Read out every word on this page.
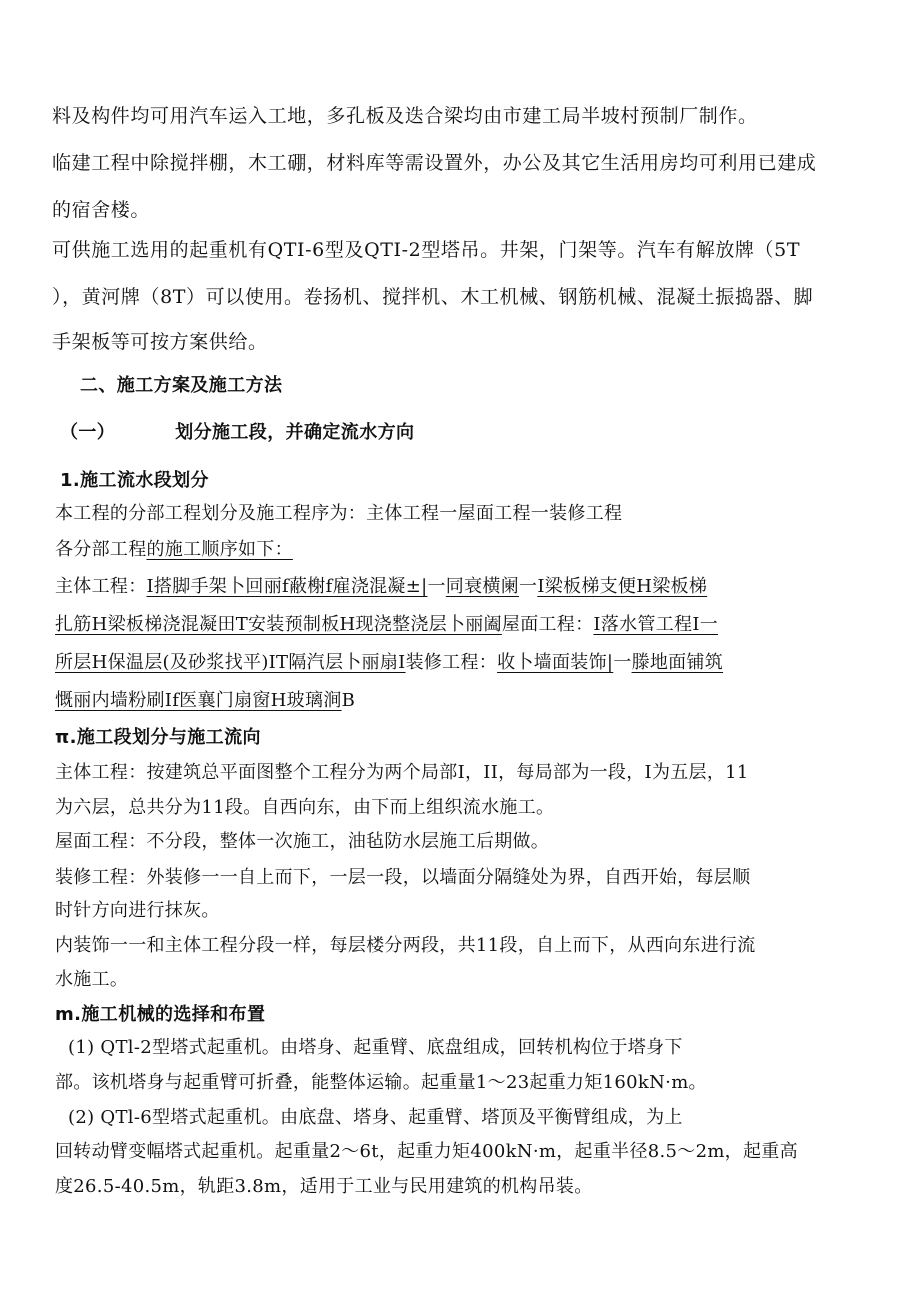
料及构件均可用汽车运入工地，多孔板及迭合梁均由市建工局半坡村预制厂制作。
临建工程中除搅拌棚，木工硼，材料库等需设置外，办公及其它生活用房均可利用已建成
的宿舍楼。
可供施工选用的起重机有QTI-6型及QTI-2型塔吊。井架，门架等。汽车有解放牌（5T
），黄河牌（8T）可以使用。卷扬机、搅拌机、木工机械、钢筋机械、混凝土振捣器、脚
手架板等可按方案供给。
二、施工方案及施工方法
（一）	划分施工段，并确定流水方向
1.施工流水段划分
本工程的分部工程划分及施工程序为：主体工程一屋面工程一装修工程
各分部工程的施工顺序如下：
主体工程：I搭脚手架卜回丽f蔽榭f雇浇混凝±|一同衰横阑一I梁板梯支便H梁板梯
扎筋H梁板梯浇混凝田T安装预制板H现浇整浇层卜丽阖屋面工程：I落水管工程I一
所层H保温层(及砂浆找平)IT隔汽层卜丽扇I装修工程：收卜墙面装饰|一滕地面铺筑
慨丽内墙粉刷If医襄门扇窗H玻璃涧B
π.施工段划分与施工流向
主体工程：按建筑总平面图整个工程分为两个局部I，II，每局部为一段，I为五层，11
为六层，总共分为11段。自西向东，由下而上组织流水施工。
屋面工程：不分段，整体一次施工，油毡防水层施工后期做。
装修工程：外装修一一自上而下，一层一段，以墙面分隔缝处为界，自西开始，每层顺
时针方向进行抹灰。
内装饰一一和主体工程分段一样，每层楼分两段，共11段，自上而下，从西向东进行流
水施工。
m.施工机械的选择和布置
(1) QTl-2型塔式起重机。由塔身、起重臂、底盘组成，回转机构位于塔身下
部。该机塔身与起重臂可折叠，能整体运输。起重量1〜23起重力矩160kN·m。
(2) QTl-6型塔式起重机。由底盘、塔身、起重臂、塔顶及平衡臂组成，为上
回转动臂变幅塔式起重机。起重量2〜6t，起重力矩400kN·m，起重半径8.5〜2m，起重高
度26.5-40.5m，轨距3.8m，适用于工业与民用建筑的机构吊装。
